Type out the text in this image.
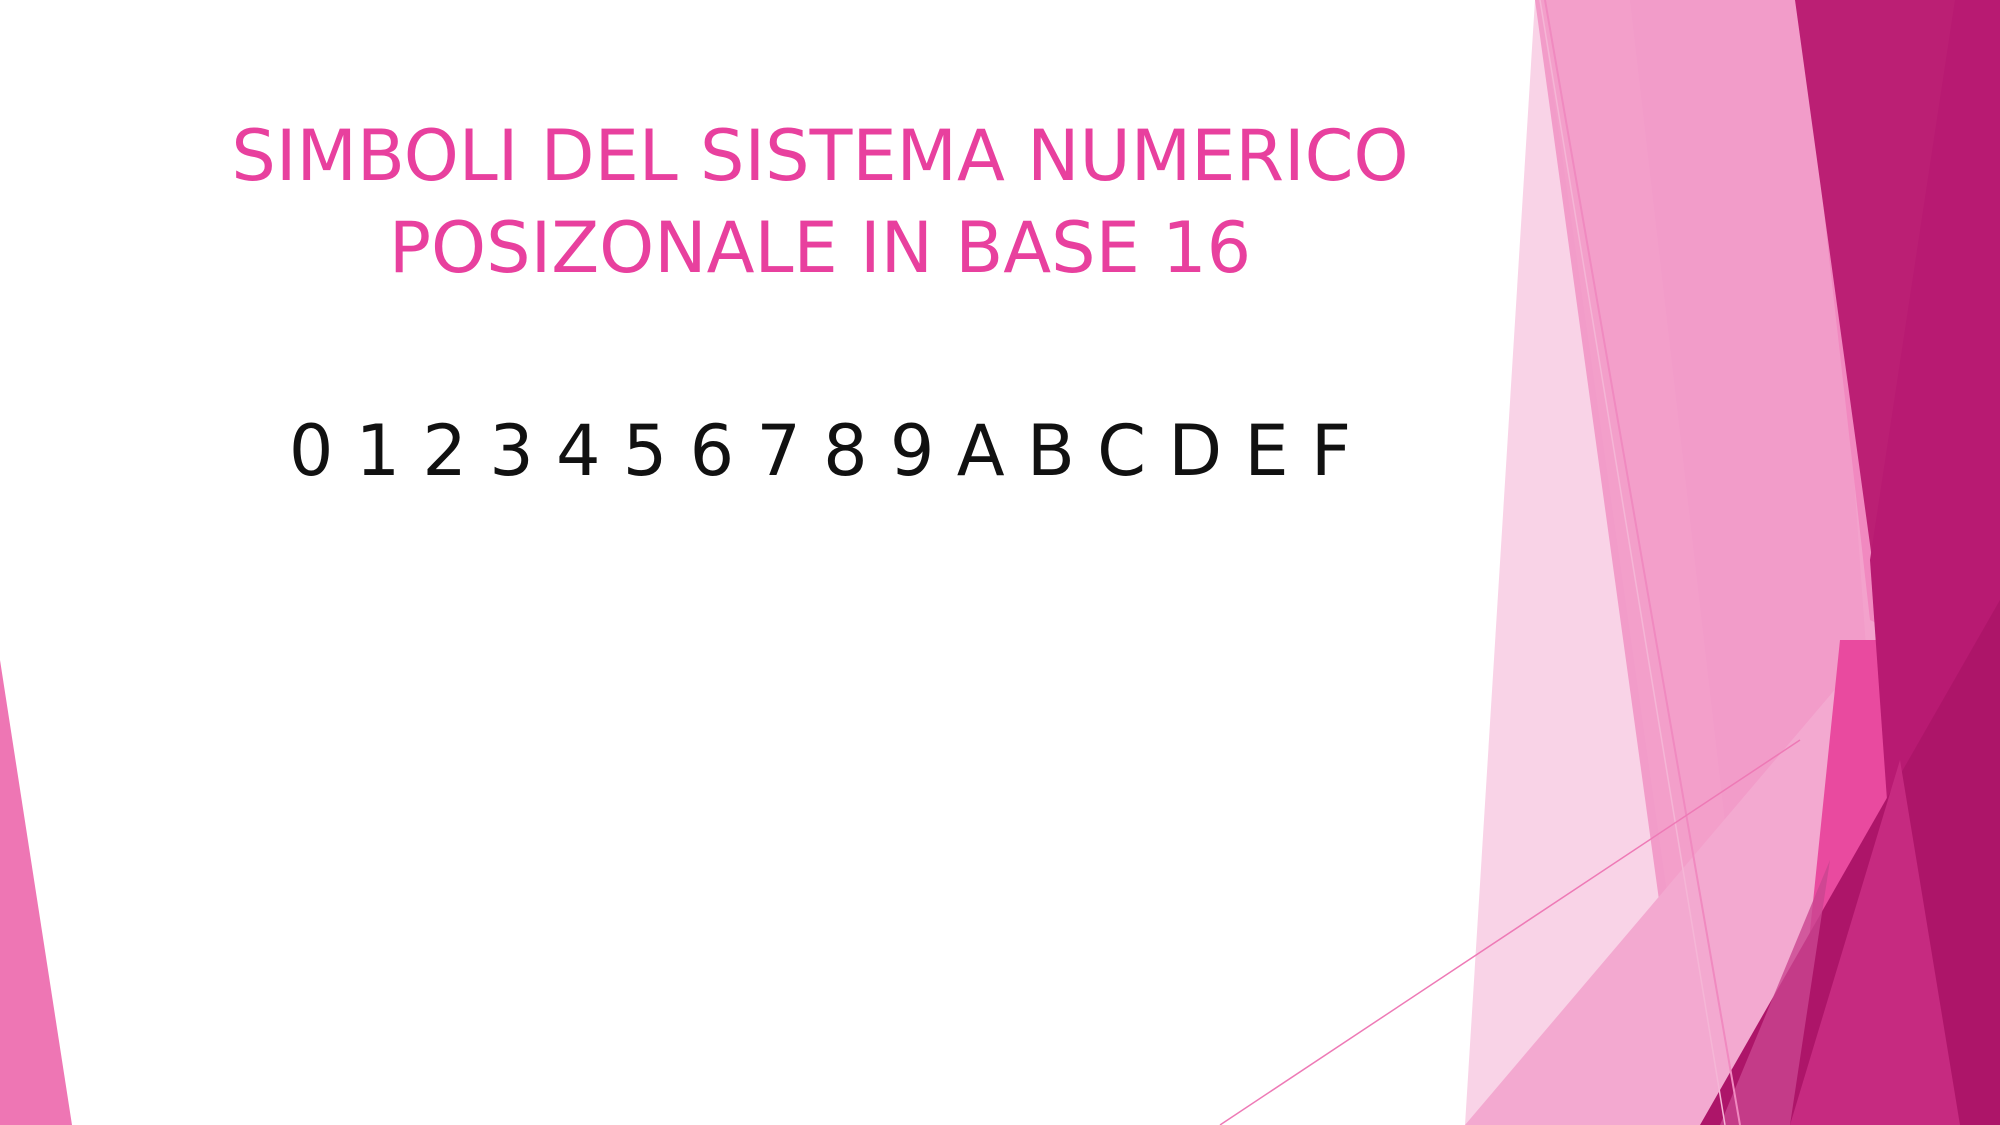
SIMBOLI DEL SISTEMA NUMERICO
POSIZONALE IN BASE 16
0 1 2 3 4 5 6 7 8 9 A B C D E F
